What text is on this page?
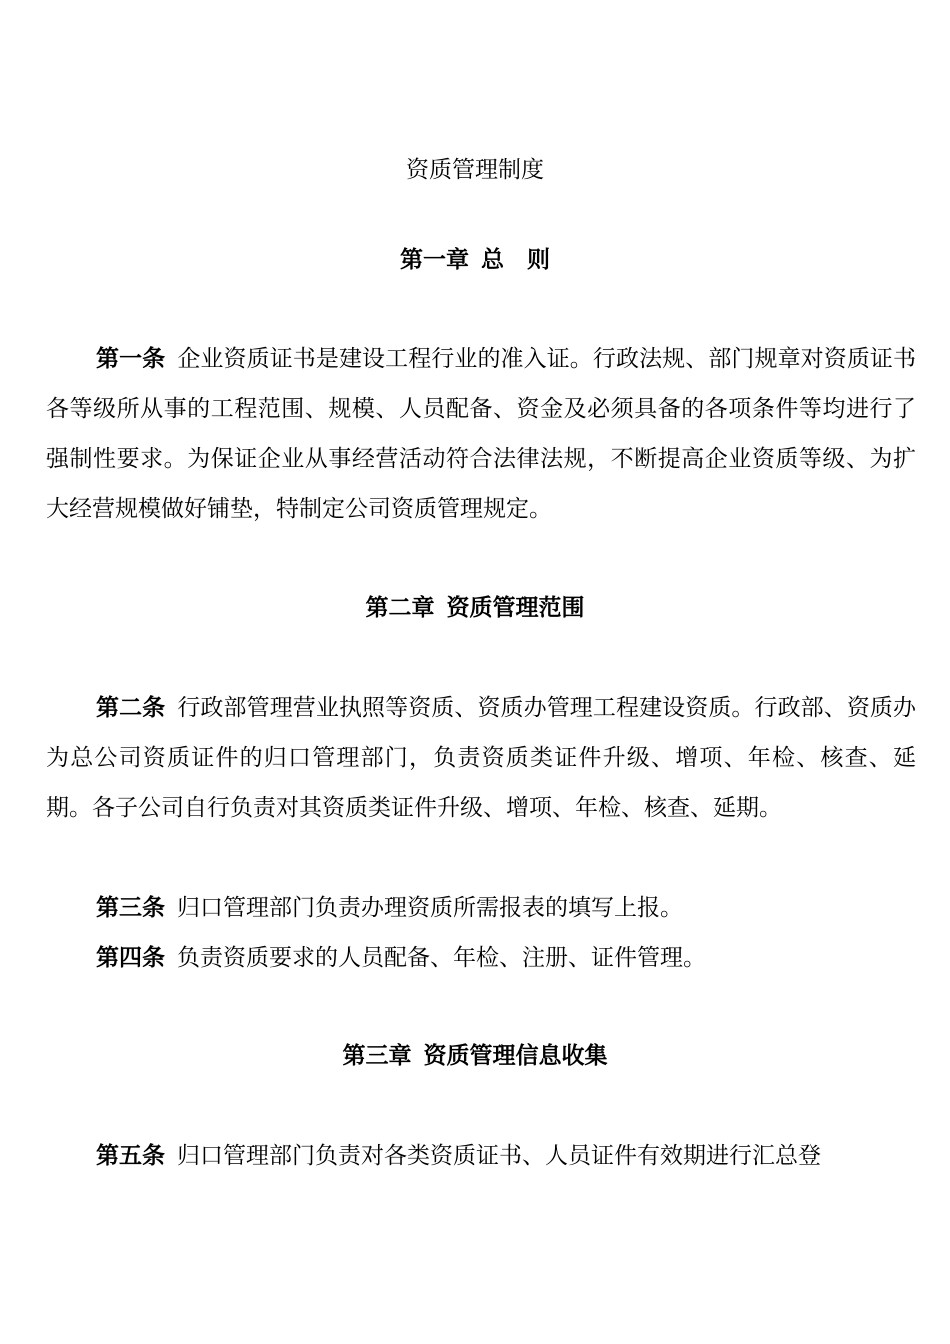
资质管理制度
第一章 总　则

第一条 企业资质证书是建设工程行业的准入证。行政法规、部门规章对资质证书各等级所从事的工程范围、规模、人员配备、资金及必须具备的各项条件等均进行了强制性要求。为保证企业从事经营活动符合法律法规，不断提高企业资质等级、为扩大经营规模做好铺垫，特制定公司资质管理规定。

第二章 资质管理范围

第二条 行政部管理营业执照等资质、资质办管理工程建设资质。行政部、资质办为总公司资质证件的归口管理部门，负责资质类证件升级、增项、年检、核查、延期。各子公司自行负责对其资质类证件升级、增项、年检、核查、延期。

第三条 归口管理部门负责办理资质所需报表的填写上报。

第四条 负责资质要求的人员配备、年检、注册、证件管理。

第三章 资质管理信息收集

第五条 归口管理部门负责对各类资质证书、人员证件有效期进行汇总登
